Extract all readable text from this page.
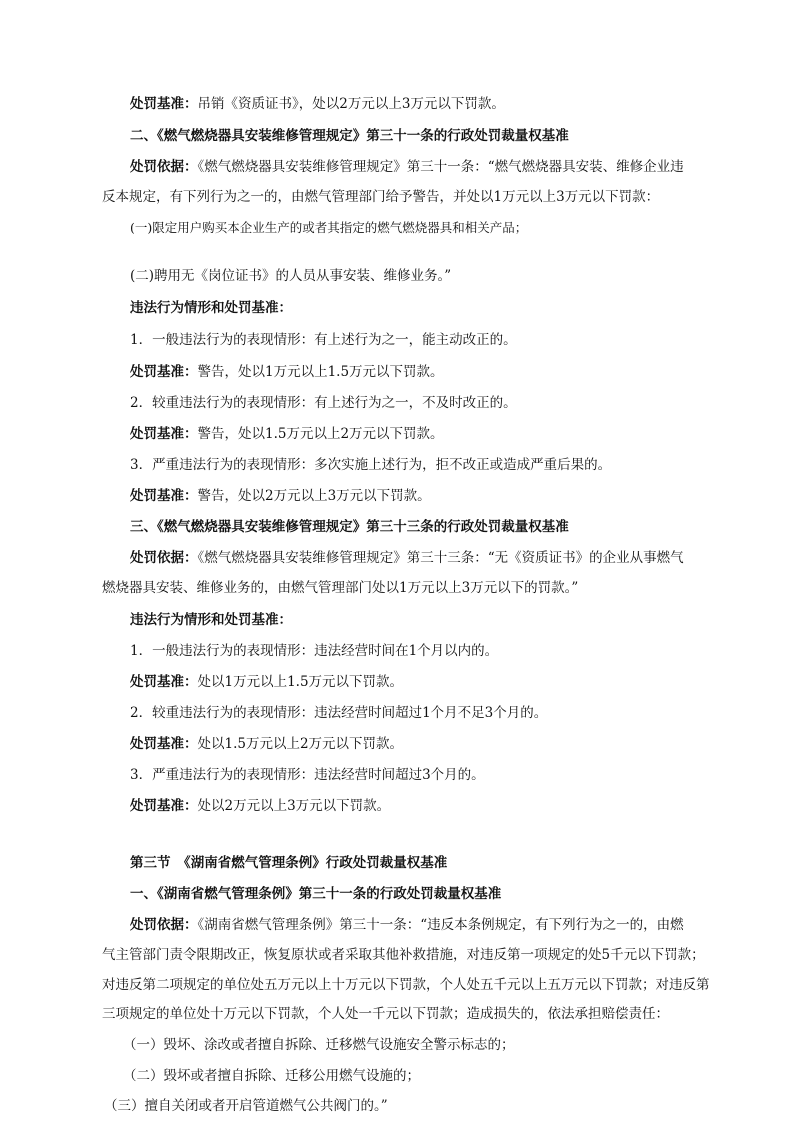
处罚基准：吊销《资质证书》，处以2万元以上3万元以下罚款。
二、《燃气燃烧器具安装维修管理规定》第三十一条的行政处罚裁量权基准
处罚依据：《燃气燃烧器具安装维修管理规定》第三十一条：“燃气燃烧器具安装、维修企业违
反本规定，有下列行为之一的，由燃气管理部门给予警告，并处以1万元以上3万元以下罚款：
(一)限定用户购买本企业生产的或者其指定的燃气燃烧器具和相关产品；
(二)聘用无《岗位证书》的人员从事安装、维修业务。”
违法行为情形和处罚基准：
1．一般违法行为的表现情形：有上述行为之一，能主动改正的。
处罚基准：警告，处以1万元以上1.5万元以下罚款。
2．较重违法行为的表现情形：有上述行为之一，不及时改正的。
处罚基准：警告，处以1.5万元以上2万元以下罚款。
3．严重违法行为的表现情形：多次实施上述行为，拒不改正或造成严重后果的。
处罚基准：警告，处以2万元以上3万元以下罚款。
三、《燃气燃烧器具安装维修管理规定》第三十三条的行政处罚裁量权基准
处罚依据：《燃气燃烧器具安装维修管理规定》第三十三条：“无《资质证书》的企业从事燃气
燃烧器具安装、维修业务的，由燃气管理部门处以1万元以上3万元以下的罚款。”
违法行为情形和处罚基准：
1．一般违法行为的表现情形：违法经营时间在1个月以内的。
处罚基准：处以1万元以上1.5万元以下罚款。
2．较重违法行为的表现情形：违法经营时间超过1个月不足3个月的。
处罚基准：处以1.5万元以上2万元以下罚款。
3．严重违法行为的表现情形：违法经营时间超过3个月的。
处罚基准：处以2万元以上3万元以下罚款。
第三节　《湖南省燃气管理条例》行政处罚裁量权基准
一、《湖南省燃气管理条例》第三十一条的行政处罚裁量权基准
处罚依据：《湖南省燃气管理条例》第三十一条：“违反本条例规定，有下列行为之一的，由燃
气主管部门责令限期改正，恢复原状或者采取其他补救措施，对违反第一项规定的处5千元以下罚款；
对违反第二项规定的单位处五万元以上十万元以下罚款，个人处五千元以上五万元以下罚款；对违反第
三项规定的单位处十万元以下罚款，个人处一千元以下罚款；造成损失的，依法承担赔偿责任：
（一）毁坏、涂改或者擅自拆除、迁移燃气设施安全警示标志的；
（二）毁坏或者擅自拆除、迁移公用燃气设施的；
（三）擅自关闭或者开启管道燃气公共阀门的。”
